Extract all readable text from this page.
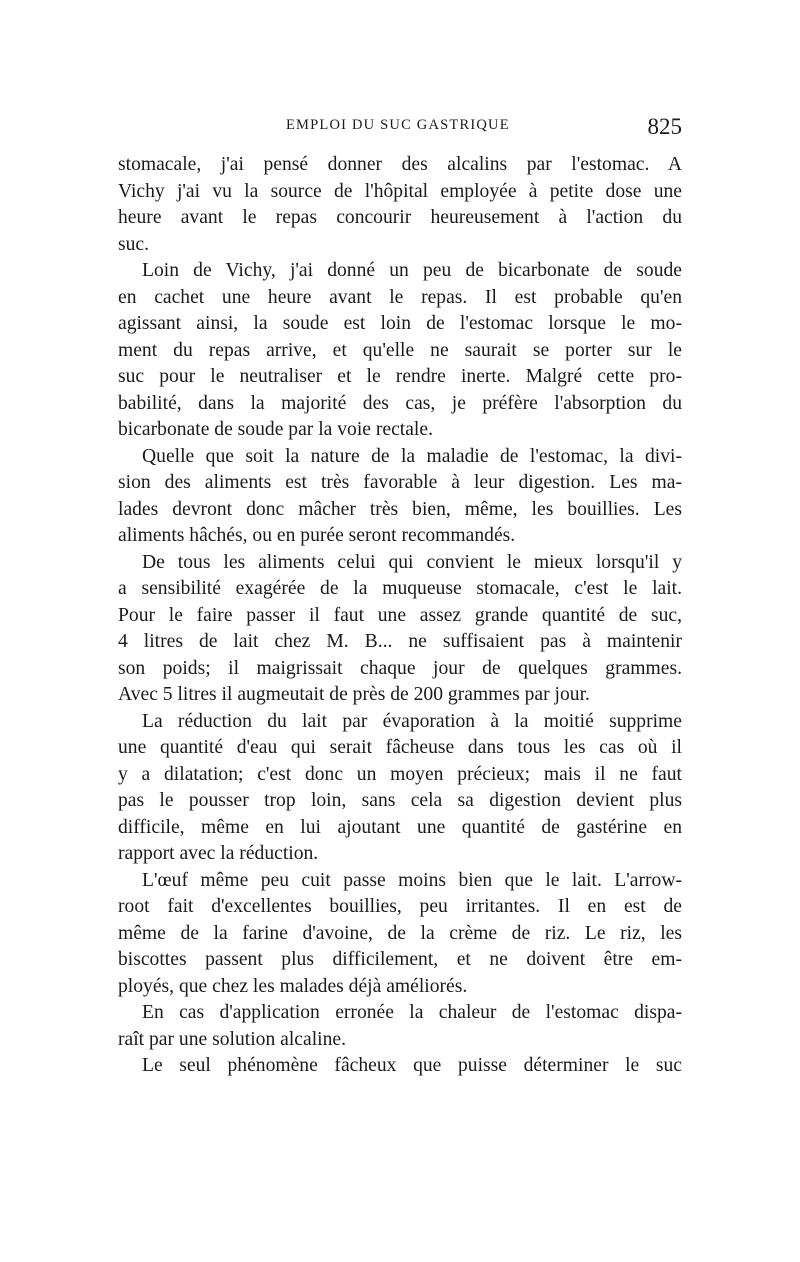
EMPLOI DU SUC GASTRIQUE	825
stomacale, j'ai pensé donner des alcalins par l'estomac. A
Vichy j'ai vu la source de l'hôpital employée à petite dose une
heure avant le repas concourir heureusement à l'action du
suc.
Loin de Vichy, j'ai donné un peu de bicarbonate de soude
en cachet une heure avant le repas. Il est probable qu'en
agissant ainsi, la soude est loin de l'estomac lorsque le mo-
ment du repas arrive, et qu'elle ne saurait se porter sur le
suc pour le neutraliser et le rendre inerte. Malgré cette pro-
babilité, dans la majorité des cas, je préfère l'absorption du
bicarbonate de soude par la voie rectale.
Quelle que soit la nature de la maladie de l'estomac, la divi-
sion des aliments est très favorable à leur digestion. Les ma-
lades devront donc mâcher très bien, même, les bouillies. Les
aliments hâchés, ou en purée seront recommandés.
De tous les aliments celui qui convient le mieux lorsqu'il y
a sensibilité exagérée de la muqueuse stomacale, c'est le lait.
Pour le faire passer il faut une assez grande quantité de suc,
4 litres de lait chez M. B... ne suffisaient pas à maintenir
son poids; il maigrissait chaque jour de quelques grammes.
Avec 5 litres il augmeutait de près de 200 grammes par jour.
La réduction du lait par évaporation à la moitié supprime
une quantité d'eau qui serait fâcheuse dans tous les cas où il
y a dilatation; c'est donc un moyen précieux; mais il ne faut
pas le pousser trop loin, sans cela sa digestion devient plus
difficile, même en lui ajoutant une quantité de gastérine en
rapport avec la réduction.
L'œuf même peu cuit passe moins bien que le lait. L'arrow-
root fait d'excellentes bouillies, peu irritantes. Il en est de
même de la farine d'avoine, de la crème de riz. Le riz, les
biscottes passent plus difficilement, et ne doivent être em-
ployés, que chez les malades déjà améliorés.
En cas d'application erronée la chaleur de l'estomac dispa-
raît par une solution alcaline.
Le seul phénomène fâcheux que puisse déterminer le suc
